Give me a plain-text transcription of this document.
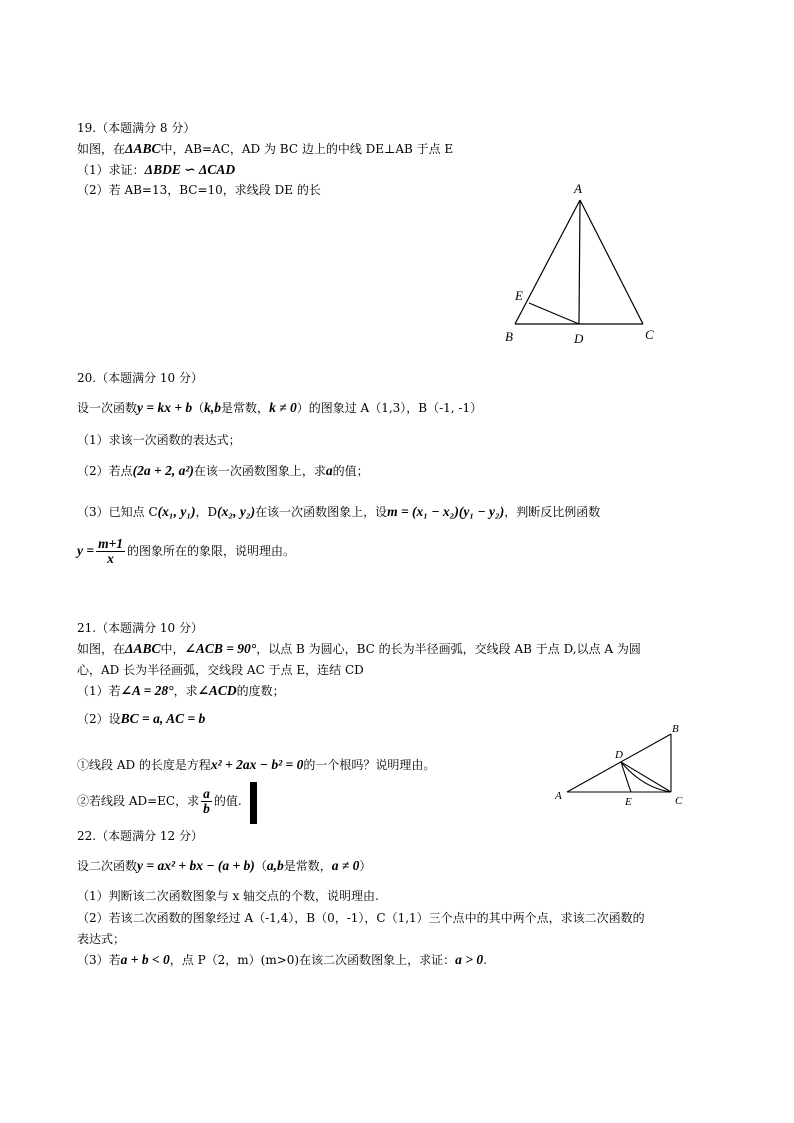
19.（本题满分 8 分）
如图，在ΔABC中，AB=AC，AD 为 BC 边上的中线 DE⊥AB 于点 E
（1）求证：ΔBDE ∽ ΔCAD
（2）若 AB=13，BC=10，求线段 DE 的长	A
E
B	D	C
20.（本题满分 10 分）
设一次函数y = kx + b（k,b是常数，k ≠ 0）的图象过 A（1,3），B（-1, -1）
（1）求该一次函数的表达式；
（2）若点(2a + 2, a²)在该一次函数图象上，求a的值；
（3）已知点 C(x₁, y₁)，D(x₂, y₂)在该一次函数图象上，设m = (x₁ − x₂)(y₁ − y₂)，判断反比例函数
$y = \frac{m+1}{x}$ 的图象所在的象限，说明理由。
21.（本题满分 10 分）
如图，在ΔABC中，∠ACB = 90°，以点 B 为圆心，BC 的长为半径画弧，交线段 AB 于点 D,以点 A 为圆
心，AD 长为半径画弧，交线段 AC 于点 E，连结 CD
（1）若∠A = 28°，求∠ACD的度数；
（2）设BC = a, AC = b
①线段 AD 的长度是方程x² + 2ax − b² = 0的一个根吗？说明理由。
②若线段 AD=EC，求 $\frac{a}{b}$ 的值.	A
D
E
B
C
22.（本题满分 12 分）
设二次函数y = ax² + bx − (a + b)（a,b是常数，a ≠ 0）
（1）判断该二次函数图象与 x 轴交点的个数，说明理由.
（2）若该二次函数的图象经过 A（-1,4），B（0，-1），C（1,1）三个点中的其中两个点，求该二次函数的
表达式；
（3）若a + b < 0，点 P（2，m）(m>0)在该二次函数图象上，求证：a > 0.
